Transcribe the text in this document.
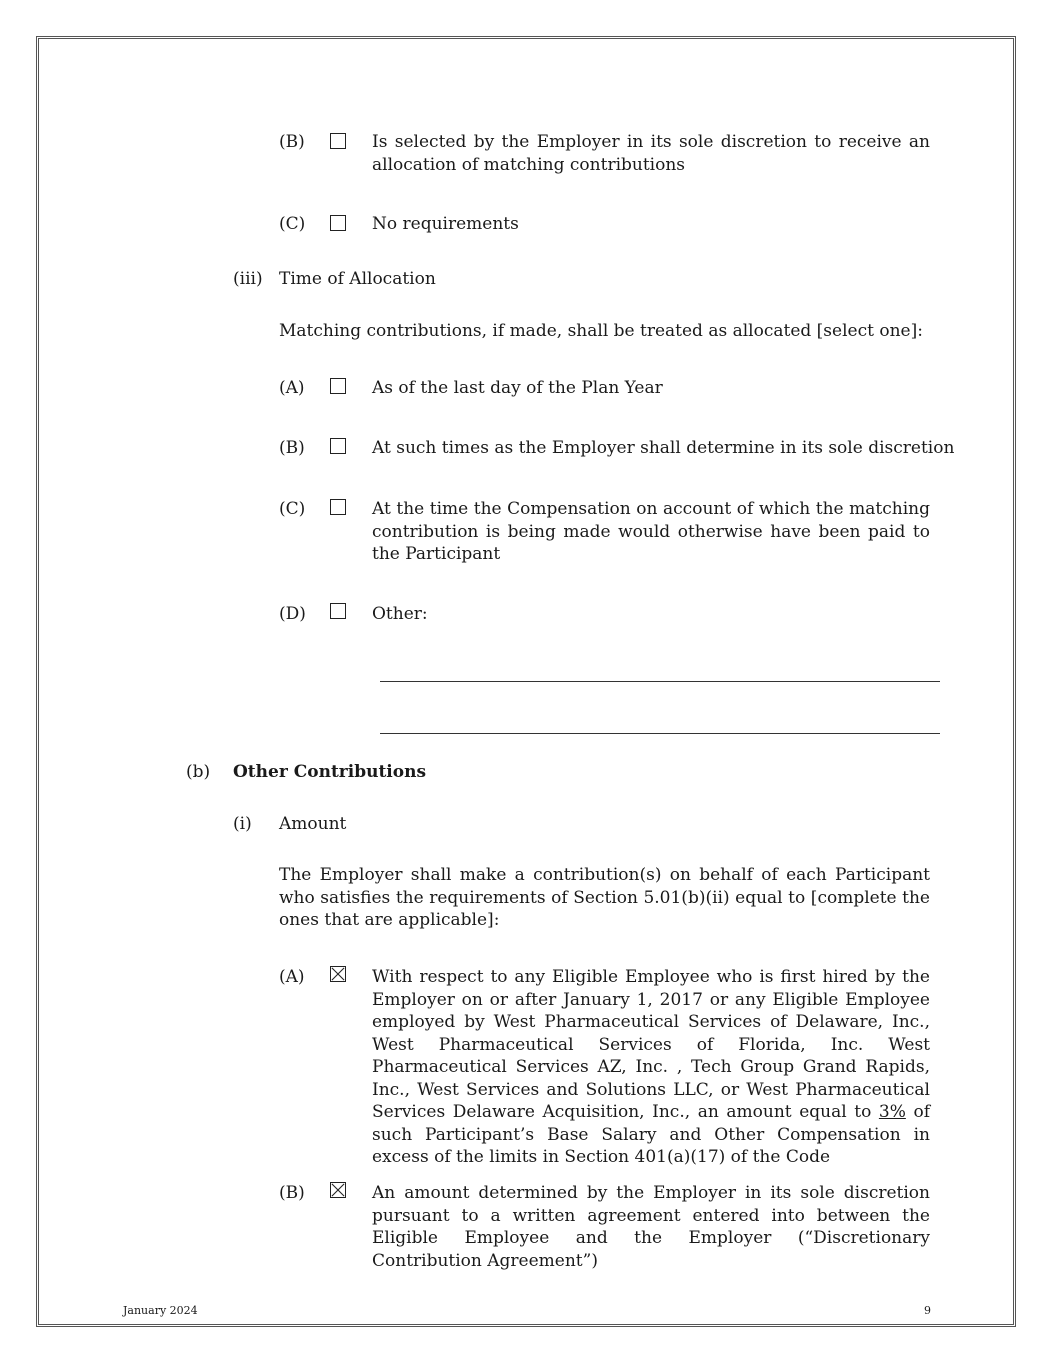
(B)	Is selected by the Employer in its sole discretion to receive an allocation of matching contributions
(C)	No requirements
(iii) Time of Allocation
Matching contributions, if made, shall be treated as allocated [select one]:
(A)	As of the last day of the Plan Year
(B)	At such times as the Employer shall determine in its sole discretion
(C)	At the time the Compensation on account of which the matching contribution is being made would otherwise have been paid to the Participant
(D)	Other:
(b) Other Contributions
(i) Amount
The Employer shall make a contribution(s) on behalf of each Participant who satisfies the requirements of Section 5.01(b)(ii) equal to [complete the ones that are applicable]:
(A)	With respect to any Eligible Employee who is first hired by the Employer on or after January 1, 2017 or any Eligible Employee employed by West Pharmaceutical Services of Delaware, Inc., West Pharmaceutical Services of Florida, Inc. West Pharmaceutical Services AZ, Inc. , Tech Group Grand Rapids, Inc., West Services and Solutions LLC, or West Pharmaceutical Services Delaware Acquisition, Inc., an amount equal to 3% of such Participant’s Base Salary and Other Compensation in excess of the limits in Section 401(a)(17) of the Code
(B)	An amount determined by the Employer in its sole discretion pursuant to a written agreement entered into between the Eligible Employee and the Employer (“Discretionary Contribution Agreement”)
January 2024	9
